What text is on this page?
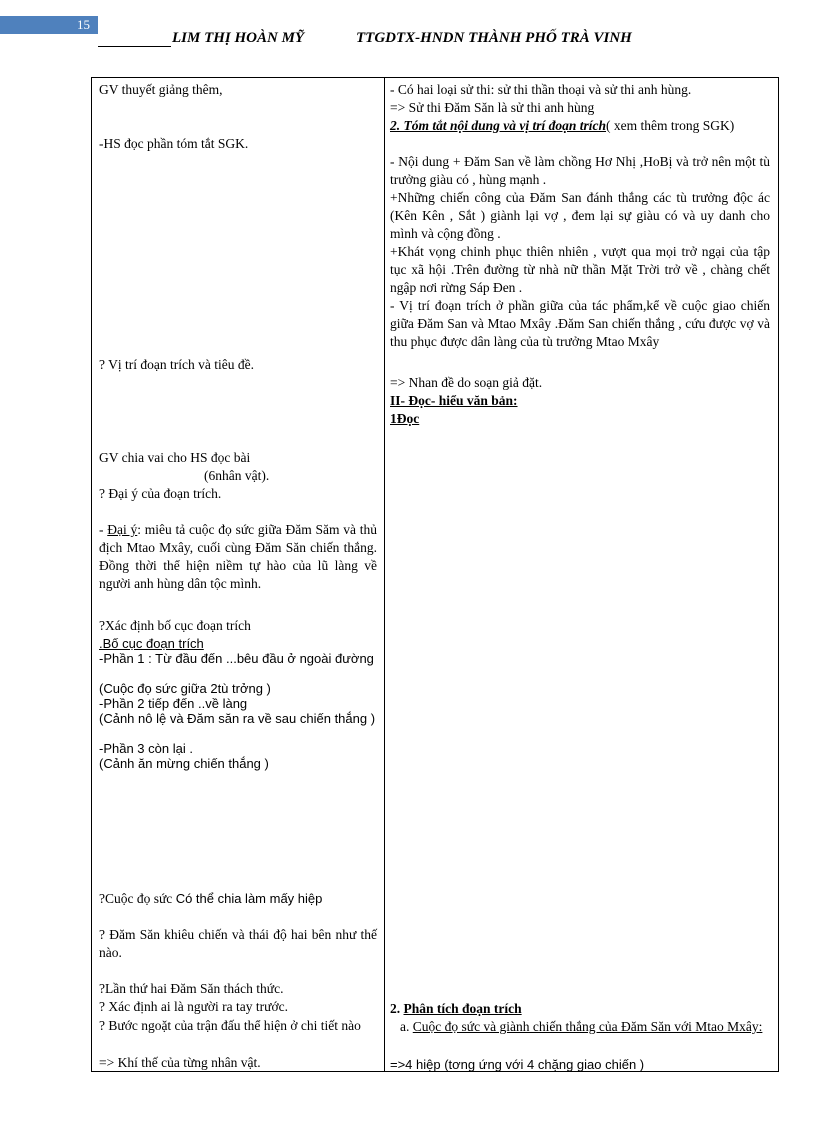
15
LIM THỊ HOÀN MỸ	TTGDTX-HNDN THÀNH PHỐ TRÀ VINH

GV thuyết giảng thêm,

-HS đọc phần tóm tắt SGK.

? Vị trí đoạn trích và tiêu đề.

GV chia vai cho HS đọc bài

(6nhân vật).

? Đại ý của đoạn trích.

- Đại ý: miêu tả cuộc đọ sức giữa Đăm Săm và thủ địch Mtao Mxây, cuối cùng Đăm Săn chiến thắng. Đồng thời thể hiện niềm tự hào của lũ làng về người anh hùng dân tộc mình.

?Xác định bố cục đoạn trích

.Bố cục đoạn trích

-Phần 1 : Từ đầu đến ...bêu đầu ở ngoài đường

(Cuộc đọ sức giữa 2tù trởng )

-Phần 2 tiếp đến ..về làng

(Cảnh nô lệ và Đăm săn ra về sau chiến thắng )

-Phần 3 còn lại .

(Cảnh ăn mừng chiến thắng )

?Cuộc đọ sức Có thể chia làm mấy hiệp

? Đăm Săn khiêu chiến và thái độ hai bên như thế nào.

?Lần thứ hai Đăm Săn thách thức.

? Xác định ai là người ra tay trước.

? Bước ngoặt của trận đấu thể hiện ở chi tiết nào

=> Khí thế của từng nhân vật.

- Có hai loại sử thi: sử thi thần thoại và sử thi anh hùng.

=> Sử thi Đăm Săn là sử thi anh hùng

2. Tóm tắt nội dung và vị trí đoạn trích( xem thêm trong SGK)

- Nội dung + Đăm San về làm chồng Hơ Nhị ,HoBị và trở nên một tù trưởng giàu có , hùng mạnh .

+Những chiến công của Đăm San đánh thắng các tù trưởng độc ác (Kên Kên , Sắt ) giành lại vợ , đem lại sự giàu có và uy danh cho mình và cộng đồng .

+Khát vọng chinh phục thiên nhiên , vượt qua mọi trở ngại của tập tục xã hội .Trên đường từ nhà nữ thần Mặt Trời trở về , chàng chết ngập nơi rừng Sáp Đen .

- Vị trí đoạn trích ở phần giữa của tác phẩm,kể về cuộc giao chiến giữa Đăm San và Mtao Mxây .Đăm San chiến thắng , cứu được vợ và thu phục được dân làng của tù trưởng Mtao Mxây

=> Nhan đề do soạn giả đặt.

II- Đọc- hiểu văn bản:

1Đọc

2. Phân tích đoạn trích

a. Cuộc đọ sức và giành chiến thắng của Đăm Săn với Mtao Mxây:

=>4 hiệp (tơng ứng với 4 chặng giao chiến )
